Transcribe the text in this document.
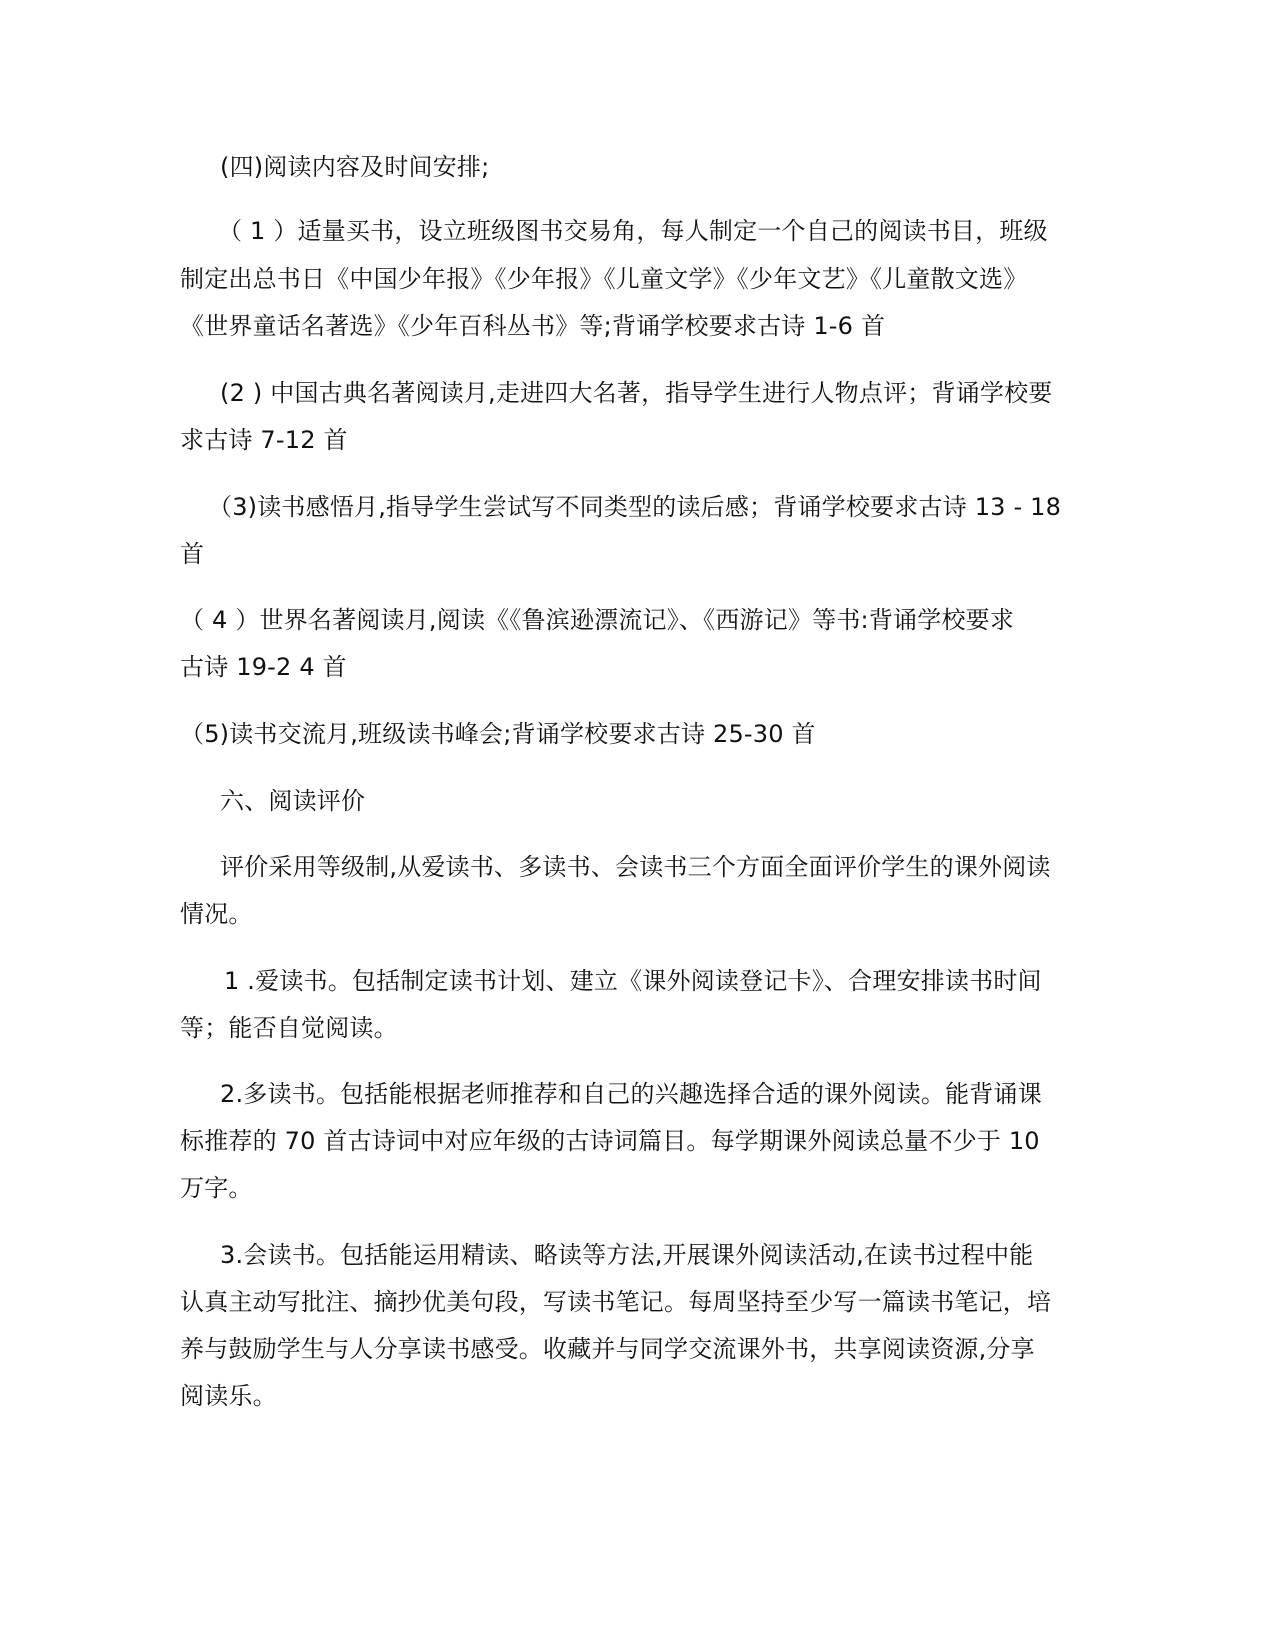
(四)阅读内容及时间安排;
（ 1 ）适量买书，设立班级图书交易角，每人制定一个自己的阅读书目，班级
制定出总书日《中国少年报》《少年报》《儿童文学》《少年文艺》《儿童散文选》
《世界童话名著选》《少年百科丛书》等;背诵学校要求古诗 1-6 首
(2 ) 中国古典名著阅读月,走进四大名著，指导学生进行人物点评；背诵学校要
求古诗 7-12 首
（3)读书感悟月,指导学生尝试写不同类型的读后感；背诵学校要求古诗 13 - 18
首
（ 4 ）世界名著阅读月,阅读《《鲁滨逊漂流记》、《西游记》等书:背诵学校要求
古诗 19-2 4 首
（5)读书交流月,班级读书峰会;背诵学校要求古诗 25-30 首
六、阅读评价
评价采用等级制,从爱读书、多读书、会读书三个方面全面评价学生的课外阅读
情况。
1 .爱读书。包括制定读书计划、建立《课外阅读登记卡》、合理安排读书时间
等；能否自觉阅读。
2.多读书。包括能根据老师推荐和自己的兴趣选择合适的课外阅读。能背诵课
标推荐的 70 首古诗词中对应年级的古诗词篇目。每学期课外阅读总量不少于 10
万字。
3.会读书。包括能运用精读、略读等方法,开展课外阅读活动,在读书过程中能
认真主动写批注、摘抄优美句段，写读书笔记。每周坚持至少写一篇读书笔记，培
养与鼓励学生与人分享读书感受。收藏并与同学交流课外书，共享阅读资源,分享
阅读乐。
